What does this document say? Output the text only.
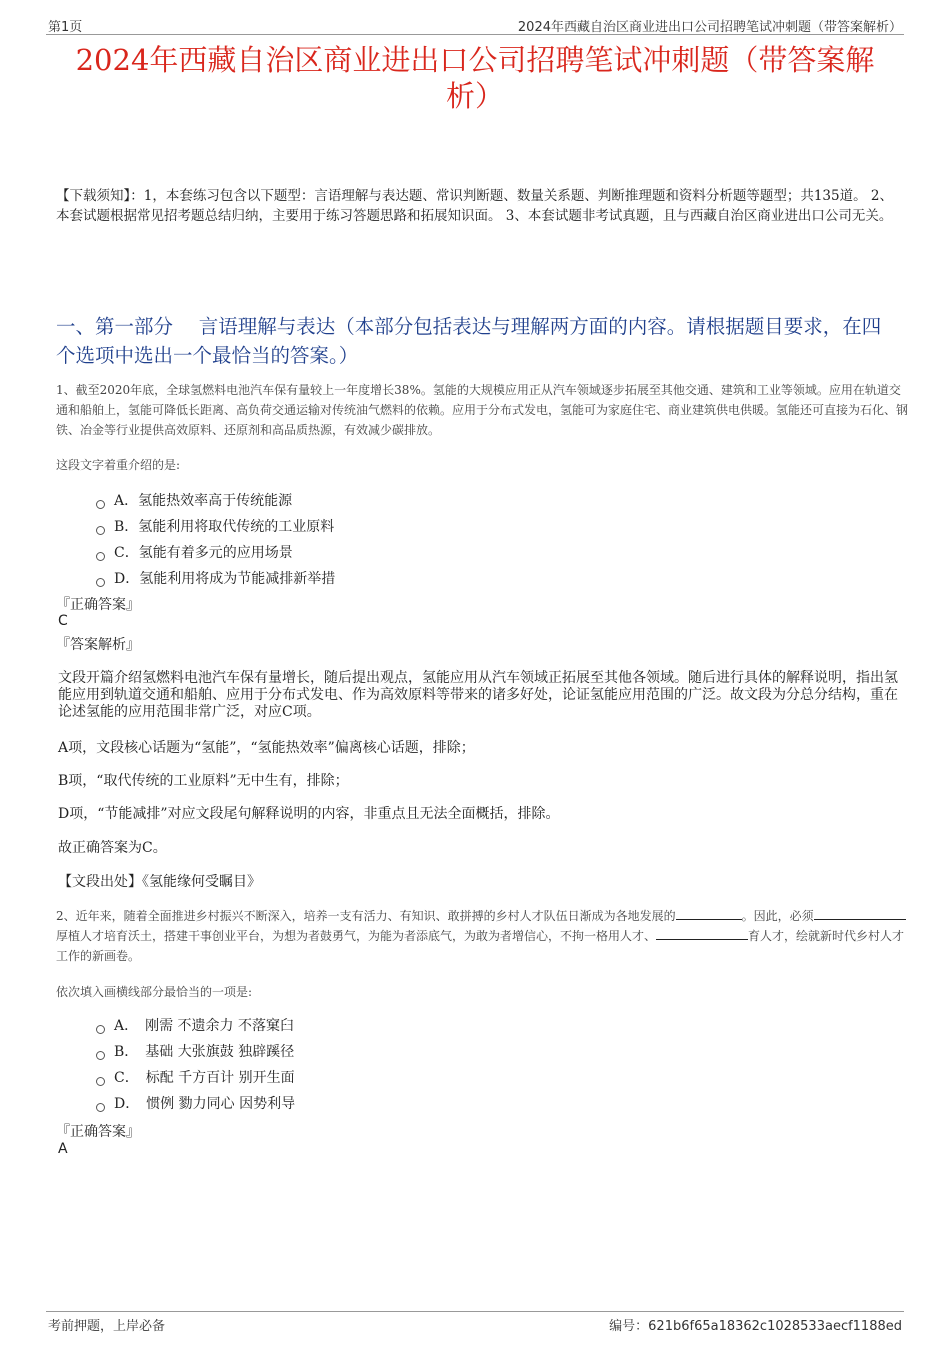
第1页	2024年西藏自治区商业进出口公司招聘笔试冲刺题（带答案解析）
2024年西藏自治区商业进出口公司招聘笔试冲刺题（带答案解
析）
【下载须知】：1，本套练习包含以下题型：言语理解与表达题、常识判断题、数量关系题、判断推理题和资料分析题等题型；共135道。 2、本套试题根据常见招考题总结归纳，主要用于练习答题思路和拓展知识面。 3、本套试题非考试真题，且与西藏自治区商业进出口公司无关。
一、第一部分　 言语理解与表达（本部分包括表达与理解两方面的内容。请根据题目要求，在四个选项中选出一个最恰当的答案。）
1、截至2020年底，全球氢燃料电池汽车保有量较上一年度增长38%。氢能的大规模应用正从汽车领域逐步拓展至其他交通、建筑和工业等领域。应用在轨道交通和船舶上，氢能可降低长距离、高负荷交通运输对传统油气燃料的依赖。应用于分布式发电，氢能可为家庭住宅、商业建筑供电供暖。氢能还可直接为石化、钢铁、冶金等行业提供高效原料、还原剂和高品质热源，有效减少碳排放。
这段文字着重介绍的是:
A．氢能热效率高于传统能源
B．氢能利用将取代传统的工业原料
C．氢能有着多元的应用场景
D．氢能利用将成为节能减排新举措
『正确答案』
C
『答案解析』
文段开篇介绍氢燃料电池汽车保有量增长，随后提出观点，氢能应用从汽车领域正拓展至其他各领域。随后进行具体的解释说明，指出氢能应用到轨道交通和船舶、应用于分布式发电、作为高效原料等带来的诸多好处，论证氢能应用范围的广泛。故文段为分总分结构，重在论述氢能的应用范围非常广泛，对应C项。
A项，文段核心话题为“氢能”，“氢能热效率”偏离核心话题，排除；
B项，“取代传统的工业原料”无中生有，排除；
D项，“节能减排”对应文段尾句解释说明的内容，非重点且无法全面概括，排除。
故正确答案为C。
【文段出处】《氢能缘何受瞩目》
2、近年来，随着全面推进乡村振兴不断深入，培养一支有活力、有知识、敢拼搏的乡村人才队伍日渐成为各地发展的	。因此，必须厚植人才培育沃土，搭建干事创业平台，为想为者鼓勇气，为能为者添底气，为敢为者增信心，不拘一格用人才、	育人才，绘就新时代乡村人才工作的新画卷。
依次填入画横线部分最恰当的一项是:
A．　刚需 不遗余力 不落窠臼
B．　基础 大张旗鼓 独辟蹊径
C．　标配 千方百计 别开生面
D．　惯例 勠力同心 因势利导
『正确答案』
A
考前押题，上岸必备	编号：621b6f65a18362c1028533aecf1188ed
